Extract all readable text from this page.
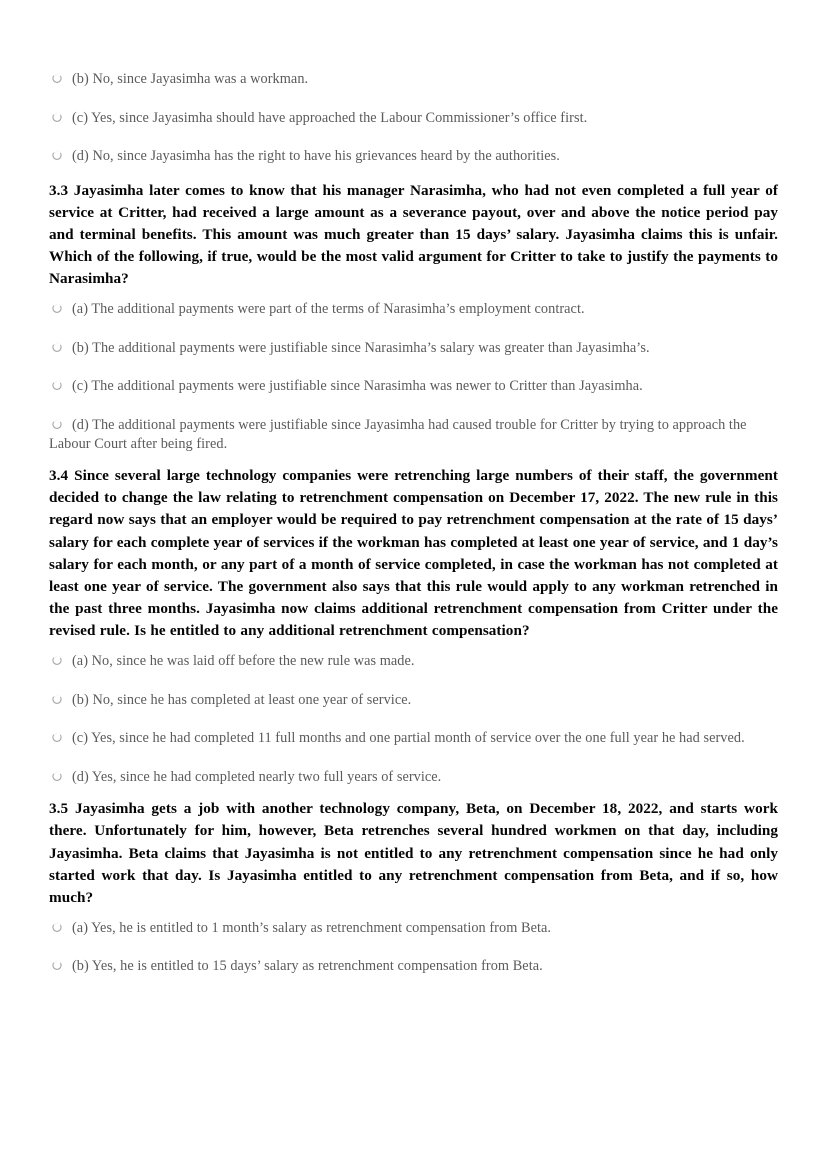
(b) No, since Jayasimha was a workman.
(c) Yes, since Jayasimha should have approached the Labour Commissioner’s office first.
(d) No, since Jayasimha has the right to have his grievances heard by the authorities.

3.3 Jayasimha later comes to know that his manager Narasimha, who had not even completed a full year of service at Critter, had received a large amount as a severance payout, over and above the notice period pay and terminal benefits. This amount was much greater than 15 days’ salary. Jayasimha claims this is unfair. Which of the following, if true, would be the most valid argument for Critter to take to justify the payments to Narasimha?

(a) The additional payments were part of the terms of Narasimha’s employment contract.
(b) The additional payments were justifiable since Narasimha’s salary was greater than Jayasimha’s.
(c) The additional payments were justifiable since Narasimha was newer to Critter than Jayasimha.
(d) The additional payments were justifiable since Jayasimha had caused trouble for Critter by trying to approach the Labour Court after being fired.

3.4 Since several large technology companies were retrenching large numbers of their staff, the government decided to change the law relating to retrenchment compensation on December 17, 2022. The new rule in this regard now says that an employer would be required to pay retrenchment compensation at the rate of 15 days’ salary for each complete year of services if the workman has completed at least one year of service, and 1 day’s salary for each month, or any part of a month of service completed, in case the workman has not completed at least one year of service. The government also says that this rule would apply to any workman retrenched in the past three months. Jayasimha now claims additional retrenchment compensation from Critter under the revised rule. Is he entitled to any additional retrenchment compensation?

(a) No, since he was laid off before the new rule was made.
(b) No, since he has completed at least one year of service.
(c) Yes, since he had completed 11 full months and one partial month of service over the one full year he had served.
(d) Yes, since he had completed nearly two full years of service.

3.5 Jayasimha gets a job with another technology company, Beta, on December 18, 2022, and starts work there. Unfortunately for him, however, Beta retrenches several hundred workmen on that day, including Jayasimha. Beta claims that Jayasimha is not entitled to any retrenchment compensation since he had only started work that day. Is Jayasimha entitled to any retrenchment compensation from Beta, and if so, how much?

(a) Yes, he is entitled to 1 month’s salary as retrenchment compensation from Beta.
(b) Yes, he is entitled to 15 days’ salary as retrenchment compensation from Beta.
